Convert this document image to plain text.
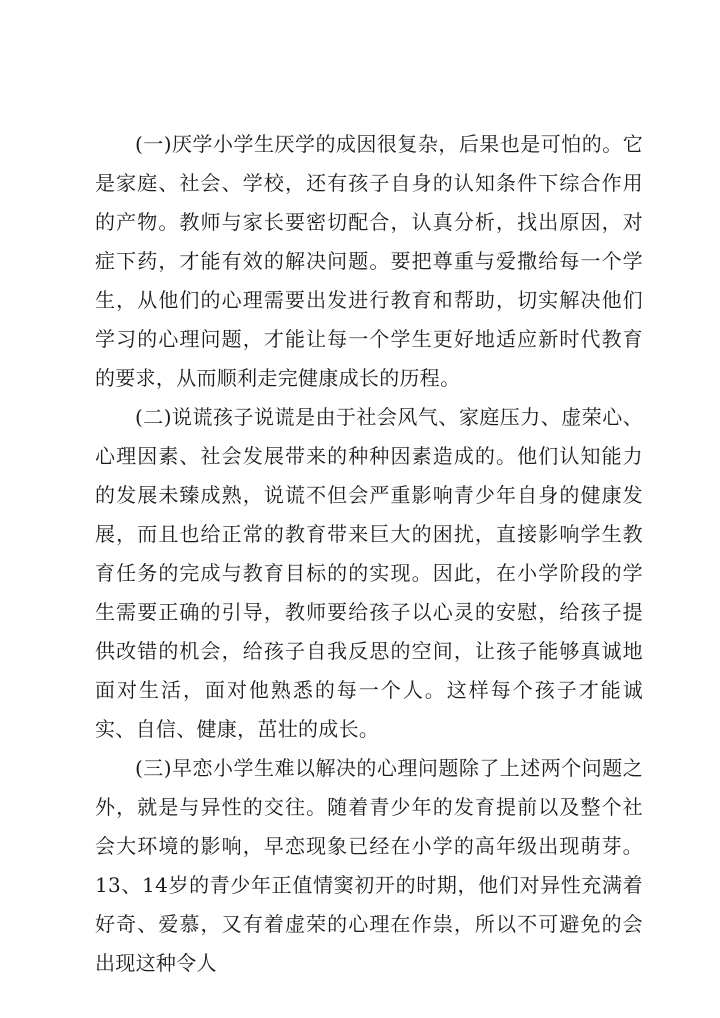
(一)厌学小学生厌学的成因很复杂，后果也是可怕的。它是家庭、社会、学校，还有孩子自身的认知条件下综合作用的产物。教师与家长要密切配合，认真分析，找出原因，对症下药，才能有效的解决问题。要把尊重与爱撒给每一个学生，从他们的心理需要出发进行教育和帮助，切实解决他们学习的心理问题，才能让每一个学生更好地适应新时代教育的要求，从而顺利走完健康成长的历程。

(二)说谎孩子说谎是由于社会风气、家庭压力、虚荣心、心理因素、社会发展带来的种种因素造成的。他们认知能力的发展未臻成熟，说谎不但会严重影响青少年自身的健康发展，而且也给正常的教育带来巨大的困扰，直接影响学生教育任务的完成与教育目标的的实现。因此，在小学阶段的学生需要正确的引导，教师要给孩子以心灵的安慰，给孩子提供改错的机会，给孩子自我反思的空间，让孩子能够真诚地面对生活，面对他熟悉的每一个人。这样每个孩子才能诚实、自信、健康，茁壮的成长。

(三)早恋小学生难以解决的心理问题除了上述两个问题之外，就是与异性的交往。随着青少年的发育提前以及整个社会大环境的影响，早恋现象已经在小学的高年级出现萌芽。13、14岁的青少年正值情窦初开的时期，他们对异性充满着好奇、爱慕，又有着虚荣的心理在作祟，所以不可避免的会出现这种令人
